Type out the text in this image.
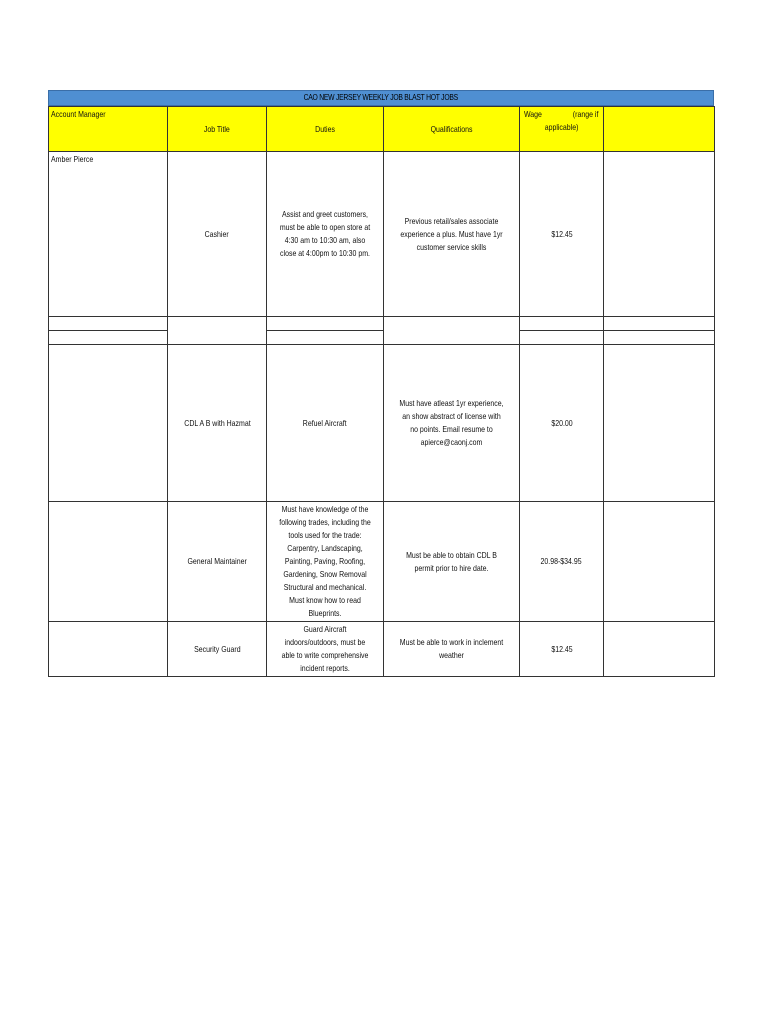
CAO NEW JERSEY WEEKLY JOB BLAST HOT JOBS
Account Manager	Job Title	Duties	Qualifications	Wage (range if
applicable)	

Amber Pierce	Cashier	Assist and greet customers, must be able to open store at 4:30 am to 10:30 am, also close at 4:00pm to 10:30 pm.	Previous retail/sales associate experience a plus. Must have 1yr customer service skills	$12.45	

	CDL A B with Hazmat	Refuel Aircraft	Must have atleast 1yr experience, an show abstract of license with no points. Email resume to apierce@caonj.com	$20.00	
	General Maintainer	Must have knowledge of the following trades, including the tools used for the trade: Carpentry, Landscaping, Painting, Paving, Roofing, Gardening, Snow Removal Structural and mechanical. Must know how to read Blueprints.	Must be able to obtain CDL B permit prior to hire date.	20.98-$34.95	
	Security Guard	Guard Aircraft indoors/outdoors, must be able to write comprehensive incident reports.	Must be able to work in inclement weather	$12.45	
